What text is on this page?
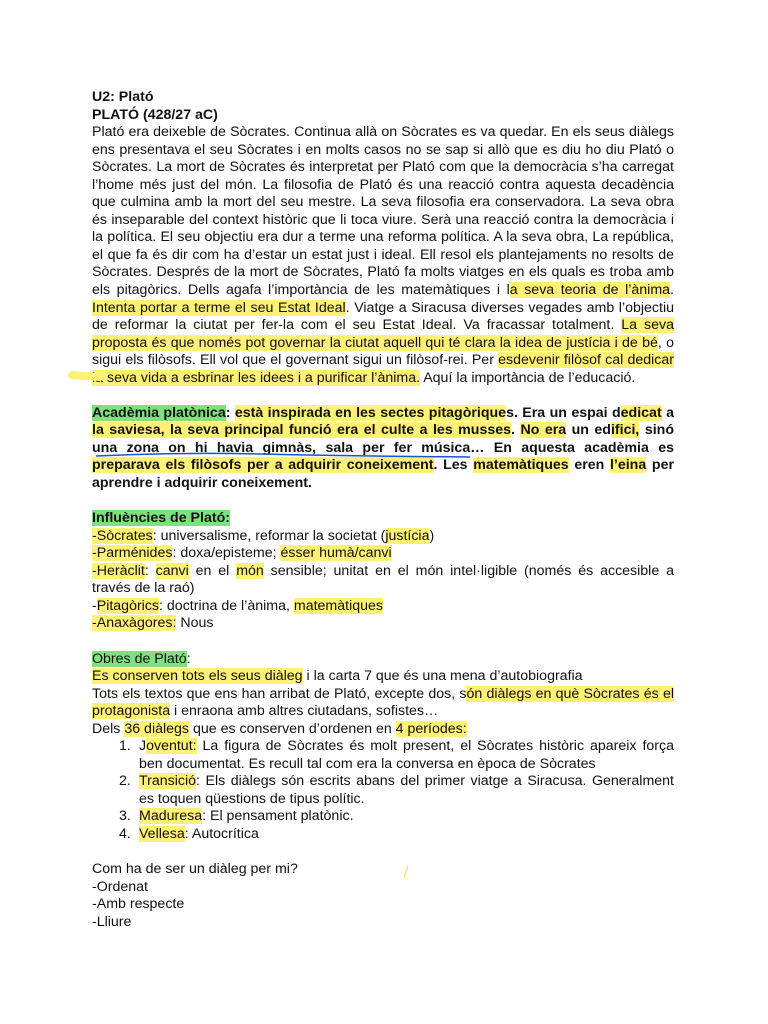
U2: Plató
PLATÓ (428/27 aC)
Plató era deixeble de Sòcrates. Continua allà on Sòcrates es va quedar. En els seus diàlegs ens presentava el seu Sòcrates i en molts casos no se sap si allò que es diu ho diu Plató o Sòcrates. La mort de Sòcrates és interpretat per Plató com que la democràcia s’ha carregat l’home més just del món. La filosofia de Plató és una reacció contra aquesta decadència que culmina amb la mort del seu mestre. La seva filosofia era conservadora. La seva obra és inseparable del context històric que li toca viure. Serà una reacció contra la democràcia i la política. El seu objectiu era dur a terme una reforma política. A la seva obra, La república, el que fa és dir com ha d’estar un estat just i ideal. Ell resol els plantejaments no resolts de Sòcrates. Després de la mort de Sòcrates, Plató fa molts viatges en els quals es troba amb els pitagòrics. Dells agafa l’importància de les matemàtiques i la seva teoria de l’ànima. Intenta portar a terme el seu Estat Ideal. Viatge a Siracusa diverses vegades amb l’objectiu de reformar la ciutat per fer-la com el seu Estat Ideal. Va fracassar totalment. La seva proposta és que només pot governar la ciutat aquell qui té clara la idea de justícia i de bé, o sigui els filòsofs. Ell vol que el governant sigui un filòsof-rei. Per esdevenir filòsof cal dedicar la seva vida a esbrinar les idees i a purificar l’ànima. Aquí la importància de l’educació.
Acadèmia platònica: està inspirada en les sectes pitagòriques. Era un espai dedicat a la saviesa, la seva principal funció era el culte a les musses. No era un edifici, sinó una zona on hi havia gimnàs, sala per fer música… En aquesta acadèmia es preparava els filòsofs per a adquirir coneixement. Les matemàtiques eren l’eina per aprendre i adquirir coneixement.
Influències de Plató:
-Sòcrates: universalisme, reformar la societat (justícia)
-Parménides: doxa/episteme; ésser humà/canvi
-Heràclit: canvi en el món sensible; unitat en el món intel·ligible (només és accesible a través de la raó)
-Pitagòrics: doctrina de l’ànima, matemàtiques
-Anaxàgores: Nous
Obres de Plató:
Es conserven tots els seus diàleg i la carta 7 que és una mena d’autobiografia
Tots els textos que ens han arribat de Plató, excepte dos, són diàlegs en què Sòcrates és el protagonista i enraona amb altres ciutadans, sofistes…
Dels 36 diàlegs que es conserven d’ordenen en 4 períodes:
1. Joventut: La figura de Sòcrates és molt present, el Sòcrates històric apareix força ben documentat. Es recull tal com era la conversa en època de Sòcrates
2. Transició: Els diàlegs són escrits abans del primer viatge a Siracusa. Generalment es toquen qüestions de tipus polític.
3. Maduresa: El pensament platònic.
4. Vellesa: Autocrítica
Com ha de ser un diàleg per mi?
-Ordenat
-Amb respecte
-Lliure
